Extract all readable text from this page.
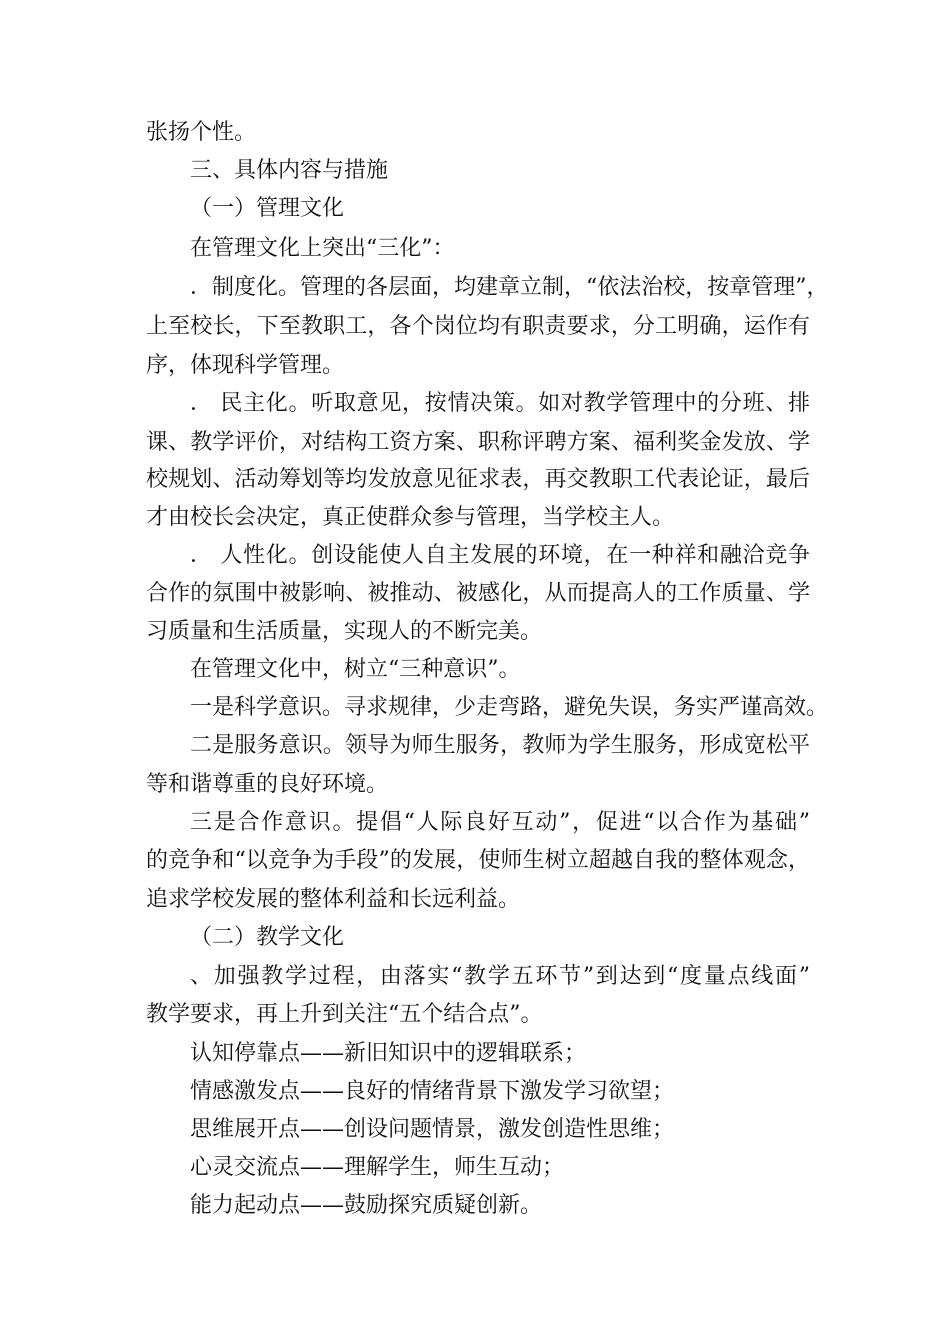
张扬个性。
三、具体内容与措施
（一）管理文化
在管理文化上突出“三化”：
．制度化。管理的各层面，均建章立制，“依法治校，按章管理”，
上至校长，下至教职工，各个岗位均有职责要求，分工明确，运作有
序，体现科学管理。
． 民主化。听取意见，按情决策。如对教学管理中的分班、排
课、教学评价，对结构工资方案、职称评聘方案、福利奖金发放、学
校规划、活动筹划等均发放意见征求表，再交教职工代表论证，最后
才由校长会决定，真正使群众参与管理，当学校主人。
． 人性化。创设能使人自主发展的环境，在一种祥和融洽竞争
合作的氛围中被影响、被推动、被感化，从而提高人的工作质量、学
习质量和生活质量，实现人的不断完美。
在管理文化中，树立“三种意识”。
一是科学意识。寻求规律，少走弯路，避免失误，务实严谨高效。
二是服务意识。领导为师生服务，教师为学生服务，形成宽松平
等和谐尊重的良好环境。
三是合作意识。提倡“人际良好互动”，促进“以合作为基础”
的竞争和“以竞争为手段”的发展，使师生树立超越自我的整体观念，
追求学校发展的整体利益和长远利益。
（二）教学文化
、加强教学过程，由落实“教学五环节”到达到“度量点线面”
教学要求，再上升到关注“五个结合点”。
认知停靠点——新旧知识中的逻辑联系；
情感激发点——良好的情绪背景下激发学习欲望；
思维展开点——创设问题情景，激发创造性思维；
心灵交流点——理解学生，师生互动；
能力起动点——鼓励探究质疑创新。
